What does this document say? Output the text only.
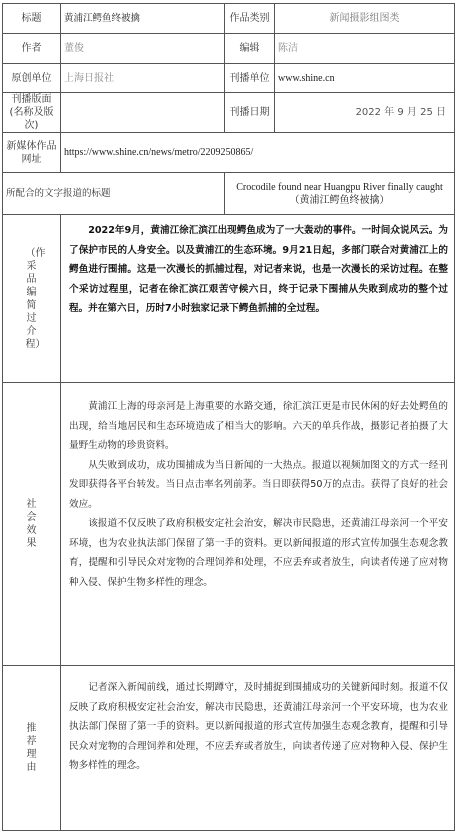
标题	黄浦江鳄鱼终被擒	作品类别	新闻摄影组图类
作者	董俊	编辑	陈洁
原创单位	上海日报社	刊播单位	www.shine.cn
刊播版面(名称及版次)		刊播日期	2022 年 9 月 25 日
新媒体作品网址	https://www.shine.cn/news/metro/2209250865/		
所配合的文字报道的标题		Crocodile found near Huangpu River finally caught
（黄浦江鳄鱼终被擒）	

（作采品编简过介程）	2022年9月，黄浦江徐汇滨江出现鳄鱼成为了一大轰动的事件。一时间众说风云。为了保护市民的人身安全。以及黄浦江的生态环境。9月21日起，多部门联合对黄浦江上的鳄鱼进行围捕。这是一次漫长的抓捕过程，对记者来说，也是一次漫长的采访过程。在整个采访过程里，记者在徐汇滨江艰苦守候六日，终于记录下围捕从失败到成功的整个过程。并在第六日，历时7小时独家记录下鳄鱼抓捕的全过程。		

社会效果	黄浦江上海的母亲河是上海重要的水路交通，徐汇滨江更是市民休闲的好去处鳄鱼的出现，给当地居民和生态环境造成了相当大的影响。六天的单兵作战，摄影记者拍摄了大量野生动物的珍贵资料。

从失败到成功，成功围捕成为当日新闻的一大热点。报道以视频加图文的方式一经刊发即获得各平台转发。当日点击率名列前茅。当日即获得50万的点击。获得了良好的社会效应。

该报道不仅反映了政府积极安定社会治安，解决市民隐患，还黄浦江母亲河一个平安环境，也为农业执法部门保留了第一手的资料。更以新闻报道的形式宣传加强生态观念教育，提醒和引导民众对宠物的合理饲养和处理，不应丢弃或者放生，向读者传递了应对物种入侵、保护生物多样性的理念。		

推荐理由	记者深入新闻前线，通过长期蹲守，及时捕捉到围捕成功的关键新闻时刻。报道不仅反映了政府积极安定社会治安，解决市民隐患，还黄浦江母亲河一个平安环境，也为农业执法部门保留了第一手的资料。更以新闻报道的形式宣传加强生态观念教育，提醒和引导民众对宠物的合理饲养和处理，不应丢弃或者放生，向读者传递了应对物种入侵、保护生物多样性的理念。		
